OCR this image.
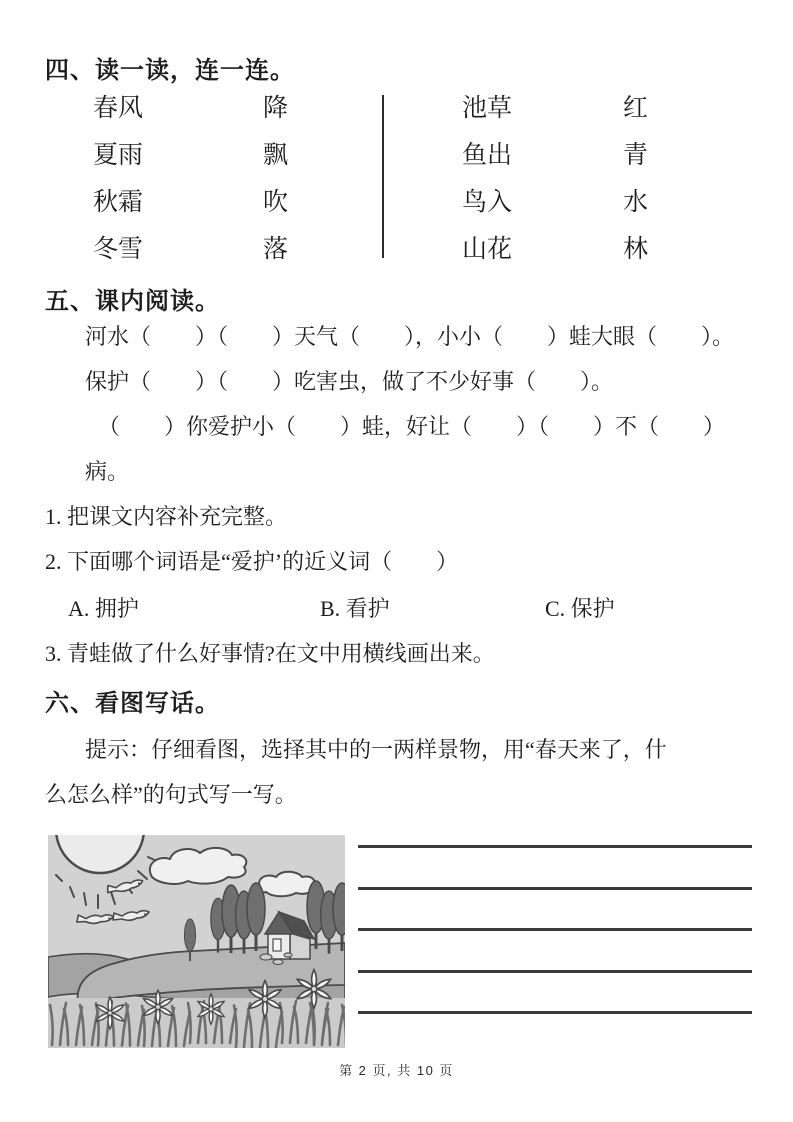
四、读一读，连一连。
春风
夏雨
秋霜
冬雪
降
飘
吹
落
池草
鱼出
鸟入
山花
红
青
水
林
五、课内阅读。
河水（　　）（　　）天气（　　），小小（　　）蛙大眼（　　）。
保护（　　）（　　）吃害虫，做了不少好事（　　）。
（　　）你爱护小（　　）蛙，好让（　　）（　　）不（　　）
病。
1. 把课文内容补充完整。
2. 下面哪个词语是“爱护’的近义词（　　）
A. 拥护	B. 看护	C. 保护
3. 青蛙做了什么好事情?在文中用横线画出来。
六、看图写话。
提示：仔细看图，选择其中的一两样景物，用“春天来了，什
么怎么样”的句式写一写。
第 2 页, 共 10 页
